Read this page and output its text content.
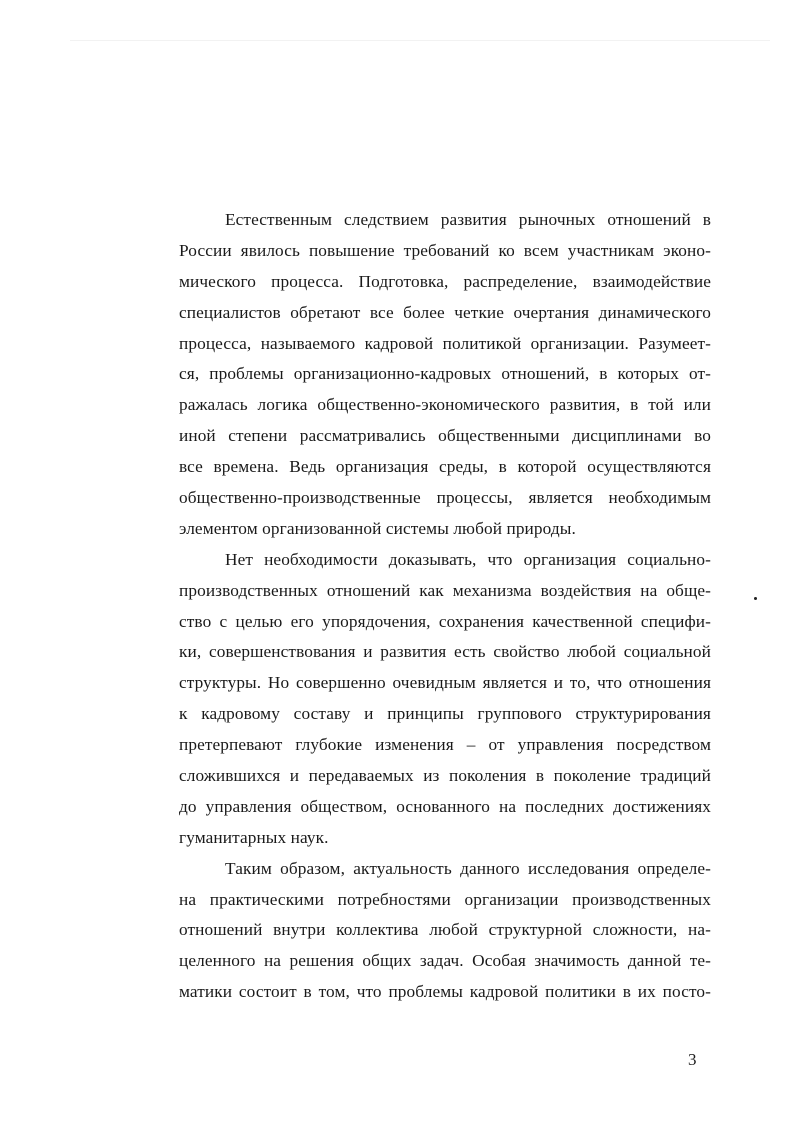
Естественным следствием развития рыночных отношений в
России явилось повышение требований ко всем участникам эконо-
мического процесса. Подготовка, распределение, взаимодействие
специалистов обретают все более четкие очертания динамического
процесса, называемого кадровой политикой организации. Разумеет-
ся, проблемы организационно-кадровых отношений, в которых от-
ражалась логика общественно-экономического развития, в той или
иной степени рассматривались общественными дисциплинами во
все времена. Ведь организация среды, в которой осуществляются
общественно-производственные процессы, является необходимым
элементом организованной системы любой природы.
Нет необходимости доказывать, что организация социально-
производственных отношений как механизма воздействия на обще-
ство с целью его упорядочения, сохранения качественной специфи-
ки, совершенствования и развития есть свойство любой социальной
структуры. Но совершенно очевидным является и то, что отношения
к кадровому составу и принципы группового структурирования
претерпевают глубокие изменения – от управления посредством
сложившихся и передаваемых из поколения в поколение традиций
до управления обществом, основанного на последних достижениях
гуманитарных наук.
Таким образом, актуальность данного исследования определе-
на практическими потребностями организации производственных
отношений внутри коллектива любой структурной сложности, на-
целенного на решения общих задач. Особая значимость данной те-
матики состоит в том, что проблемы кадровой политики в их посто-
3
